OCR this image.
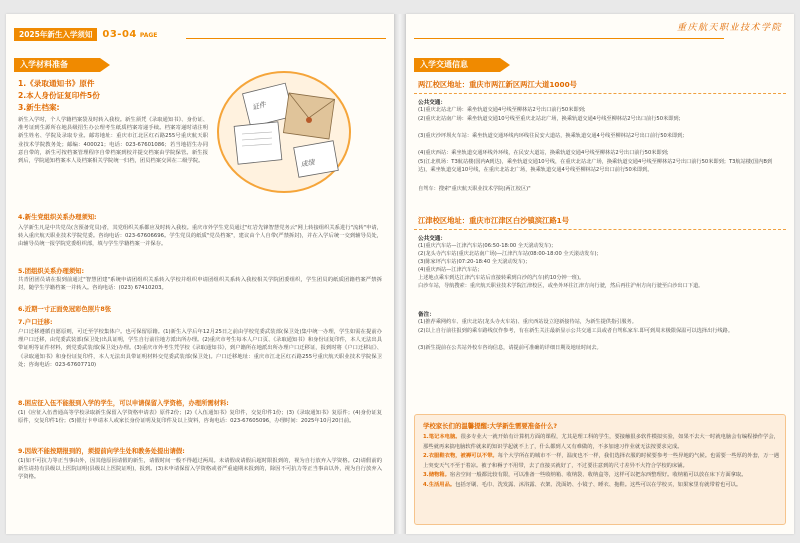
2025年新生入学须知	03-04 PAGE
入学材料准备
1.《录取通知书》原件
2.本人身份证复印件5份
3.新生档案:
新生入学时，个人学籍档案袋及时转入我校。新生须凭《录取通知书》、身份证、准考证到生源所在地县级招生办公理考生纸质档案寄递手续。档案寄递时请注明新生姓名、学院及录取专业。邮寄地址：重庆市江北区红石路255号重庆航天职业技术学院教务处；邮编：400021；电话：023-67601086；若当地招生办同意自带的，新生可按档案管理程序自带档案到校并提交档案由学院保管。新生报到后，学院通知档案本人及档案相关学院统一归档，团员档案交回在二级学院。
证件
成绩
4.新生党组织关系办理须知:
入学新生凡是中共党员(含预备党员)者，其党组织关系都应及时转入我校。重庆市外学生党员通过"红岩先锋智慧党务云"网上转接组织关系进行"流转"申请，转入重庆航天职业技术学院党委。咨询电话：023-67606696。学生党员的纸质"党员档案"，建议由个人自带(严禁拆封)，并在入学后统一交到辅导员处，由辅导员统一报学院党委组织部，填与学生学籍档案一并保存。
5.团组织关系办理须知:
共青团团员请在报到前通过"智慧团建"系统申请团组织关系转入学校并组织申请团组织关系转入我校相关学院团委组织，学生团员的纸质团籍档案严禁拆封，随学生学籍档案一并转入。咨询电话：(023) 67410203。
6.近期一寸正面免冠彩色照片8张
7.户口迁移:
户口迁移遵循自愿原则，可迁至学校集体户。也可保留原籍。(1)新生入学后年12月25日之前由学校党委武装部(保卫处)集中统一办理，学生如需在提前办理户口迁移，由党委武装部(保卫处)出具证明，学生自行前往地方派出所办理。(2)重庆市考生每本人户口页、《录取通知书》和身份证复印件，本人无法出具带证明等证件材料，到党委武装部(保卫处)办理。(3)重庆市外考生凭学校《录取通知书》，到户籍所在地派出所办理户口迁移证，报到时将《户口迁移证》、《录取通知书》和身份证复印件，本人无法出具带证明材料交党委武装部(保卫处)。户口迁移地址：重庆市江北区红石路255号重庆航天职业技术学院保卫处；咨询电话：023-67607710)
8.困应征入伍不能报到入学的学生，可以申请保留入学资格，办理所需材料:
(1)《应征入伍普通高等学校录取新生保留入学资格申请表》原件2份；(2)《入伍通知书》复印件，交复印件1份；(3)《录取通知书》复原件；(4)身份证复原件，交复印件1份；(5)银行卡申请本人或家长身份证明及复印件及以上资料，咨询电话：023-67605096，办理时间：2025年10月20日前。
9.因故不能按期报到的，须提前向学生处和教务处提出请假:
(1)如不可抗力等正当事由外，因其他原因请假的新生，请假时间一般不得超过两周。未请假或请假后超时限报到的，视为自行放弃入学资格。(2)请假前的新生请持有县级以上医院证明(县级以上医院证明)，报到。(3)未申请保留入学资格或者严重逾期未报到的，除因不可抗力等正当事由以外，视为自行放弃入学资格。
重庆航天职业技术学院
入学交通信息
两江校区地址：重庆市两江新区两江大道1000号
公共交通：
(1)重庆北站北广场：乘坐轨道交通4号线至柳林站2号出口前行50米即到;
(2)重庆北站南广场：乘坐轨道交通10号线至重庆北站北广场，换乘轨道交通4号线至柳林站2号出口前行50米即到;
(3)重庆沙坪坝火车站：乘坐轨道交通环线内环线往民安大道站，换乘轨道交通4号线至柳林站2号出口前行50米即到;
(4)重庆西站：乘坐轨道交通环线外环线，在民安大道站，换乘轨道交通4号线至柳林站2号出口前行50米即到;
(5)江北机场：T3航站楼(国内A到达)，乘坐轨道交通10号线，在重庆北站北广场，换乘轨道交通4号线至柳林站2号出口前行50米即到；T3航站楼(国内B到达)，乘坐轨道交通10号线，在重庆北站北广场，换乘轨道交通4号线至柳林站2号出口前行50米即到。
自驾车：搜索"重庆航天职业技术学院(两江校区)"
江津校区地址：重庆市江津区白沙镇滨江路1号
公共交通：
(1)重庆汽车站—江津汽车站(06:50-18:00 全天滚动发车)；
(2)龙头寺汽车站(重庆北站南广场)—江津汽车站(08:00-18:00 全天滚动发车)；
(3)陈家坪汽车站(07:20-18:40 全天滚动发车)；
(4)重庆西站—江津汽车站；
上述地点乘车到达江津汽车站后直接转乘到白沙的汽车(约10分钟一班)。
白沙车站，导航搜索：重庆航天职业技术学院江津校区，或坐外环往江津方向行驶，然后再往沪州方向行驶至白沙出口下道。
备注：
(1)推荐乘网约车、重庆北站(龙头寺火车站)、重庆西站设立迎新接待站，为新生提供指引服务。
(2)以上自行前往报到的乘车路线仅作参考，有在新生关注最新显示公共交通工具或者自驾私家车.即可到周末极限保温可以选择出行线路。
(3)新生提前在公共站外校车咨询信息，请提前可准确的详细日期及地址时间去。
学校家长们的温馨提醒:大学新生需要准备什么?
1.笔记本电脑。很多专业大一就开始有计算机方面的课程，尤其是理工科的学生，要接触很多软件模拟实验，如果不去大一时就电脑会有编程操作学会，那些就再来搞电脑软件就来的知识学起就不上了，什么都到人又有难做的，不多加速习作业就无法按要求完成。
2.衣服鞋衣物，被褥可以不带。每个大学所在的城市不一样，温度也不一样，我们选择衣服的时候要参考一些异地的气候。也需要一些厚的外套，万一遇上突变天气不至于着凉。被子和褥子不用带，去了直接买就好了，不过要注意到的尺寸差异不大符合学校的床铺。
3.储物箱。宿舍空间一般都比较有限，可以准备一些收纳箱、收纳袋、收纳盒等，这样可以把东西整理好。收纳箱可以放在床下方面拿取。
4.生活用品。包括牙刷、毛巾、洗发露、沐浴露、衣架、洗面奶、小镜子、睡衣、拖鞋。这些可以在学校买，如果家里有就带着也可以。
